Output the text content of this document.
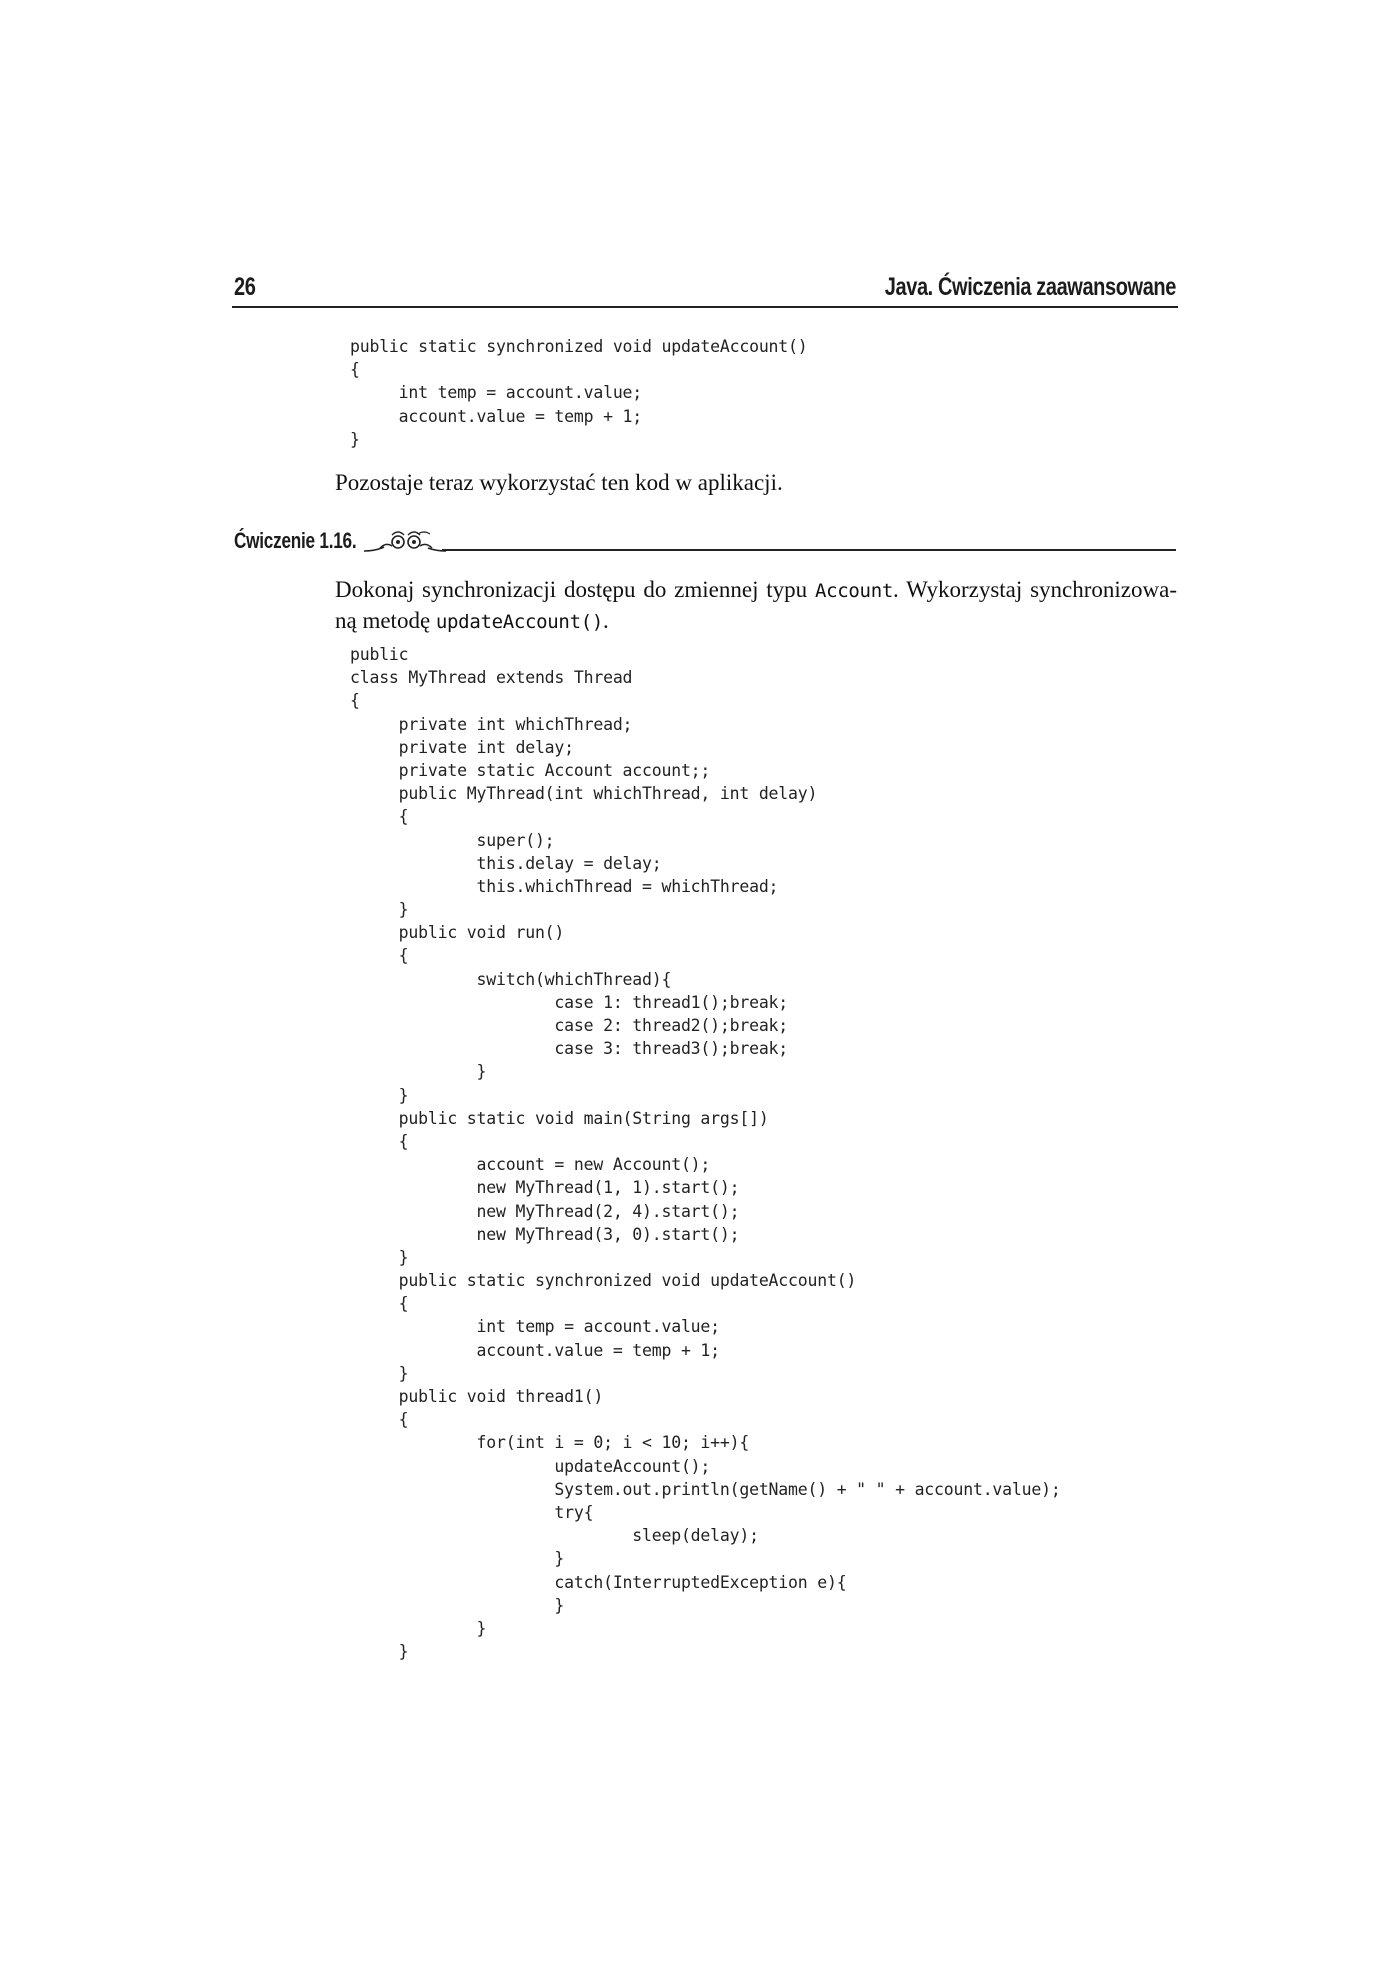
26	Java. Ćwiczenia zaawansowane
public static synchronized void updateAccount()
{
int temp = account.value;
account.value = temp + 1;
}

Pozostaje teraz wykorzystać ten kod w aplikacji.

Ćwiczenie 1.16.

Dokonaj synchronizacji dostępu do zmiennej typu Account. Wykorzystaj synchronizowa-ną metodę updateAccount().

public
class MyThread extends Thread
{
private int whichThread;
private int delay;
private static Account account;;
public MyThread(int whichThread, int delay)
{
super();
this.delay = delay;
this.whichThread = whichThread;
}
public void run()
{
switch(whichThread){
case 1: thread1();break;
case 2: thread2();break;
case 3: thread3();break;
}
}
public static void main(String args[])
{
account = new Account();
new MyThread(1, 1).start();
new MyThread(2, 4).start();
new MyThread(3, 0).start();
}
public static synchronized void updateAccount()
{
int temp = account.value;
account.value = temp + 1;
}
public void thread1()
{
for(int i = 0; i < 10; i++){
updateAccount();
System.out.println(getName() + " " + account.value);
try{
sleep(delay);
}
catch(InterruptedException e){
}
}
}
